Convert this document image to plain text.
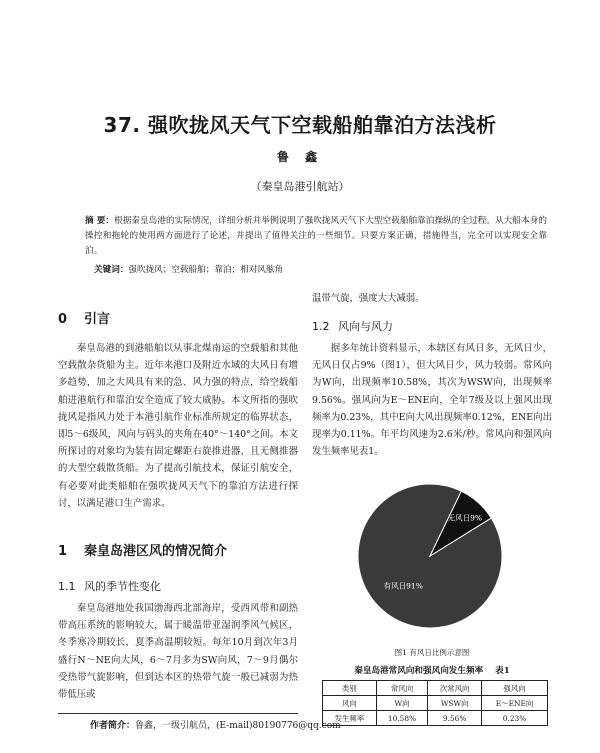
37. 强吹拢风天气下空载船舶靠泊方法浅析
鲁 鑫
（秦皇岛港引航站）
摘 要：根据秦皇岛港的实际情况，详细分析并举例说明了强吹拢风天气下大型空载船舶靠泊操纵的全过程。从大船本身的操控和拖轮的使用两方面进行了论述，并提出了值得关注的一些细节。只要方案正确，措施得当，完全可以实现安全靠泊。
关键词：强吹拢风；空载船舶；靠泊；相对风舷角
0 引言
秦皇岛港的到港船舶以从事北煤南运的空载船和其他空载散杂货船为主。近年来港口及附近水域的大风日有增多趋势，加之大风具有来的急、风力强的特点，给空载船舶进港航行和靠泊安全造成了较大威胁。本文所指的强吹拢风是指风力处于本港引航作业标准所规定的临界状态，即5～6级风，风向与码头的夹角在40°～140°之间。本文所探讨的对象均为装有固定螺距右旋推进器，且无侧推器的大型空载散货船。为了提高引航技术，保证引航安全，有必要对此类船舶在强吹拢风天气下的靠泊方法进行探讨，以满足港口生产需求。
1 秦皇岛港区风的情况简介
1.1 风的季节性变化
秦皇岛港地处我国渤海西北部海岸，受西风带和副热带高压系统的影响较大，属于暖温带亚湿润季风气候区，冬季寒冷期较长，夏季高温期较短。每年10月到次年3月盛行N～NE向大风，6～7月多为SW向风，7～9月偶尔受热带气旋影响，但到达本区的热带气旋一般已减弱为热带低压或
温带气旋，强度大大减弱。
1.2 风向与风力
据多年统计资料显示，本辖区有风日多，无风日少，无风日仅占9%（图1），但大风日少，风力较弱。常风向为W向，出现频率10.58%，其次为WSW向，出现频率9.56%。强风向为E～ENE向，全年7级及以上强风出现频率为0.23%，其中E向大风出现频率0.12%，ENE向出现率为0.11%。年平均风速为2.6米/秒。常风向和强风向发生频率见表1。
有风日91%
无风日9%
图1 有风日比例示意图
秦皇岛港常风向和强风向发生频率 表1
类别	常风向	次常风向	强风向
风向	W向	WSW向	E～ENE向
发生频率	10.58%	9.56%	0.23%
作者简介：鲁鑫，一级引航员，(E-mail)80190776@qq.com
